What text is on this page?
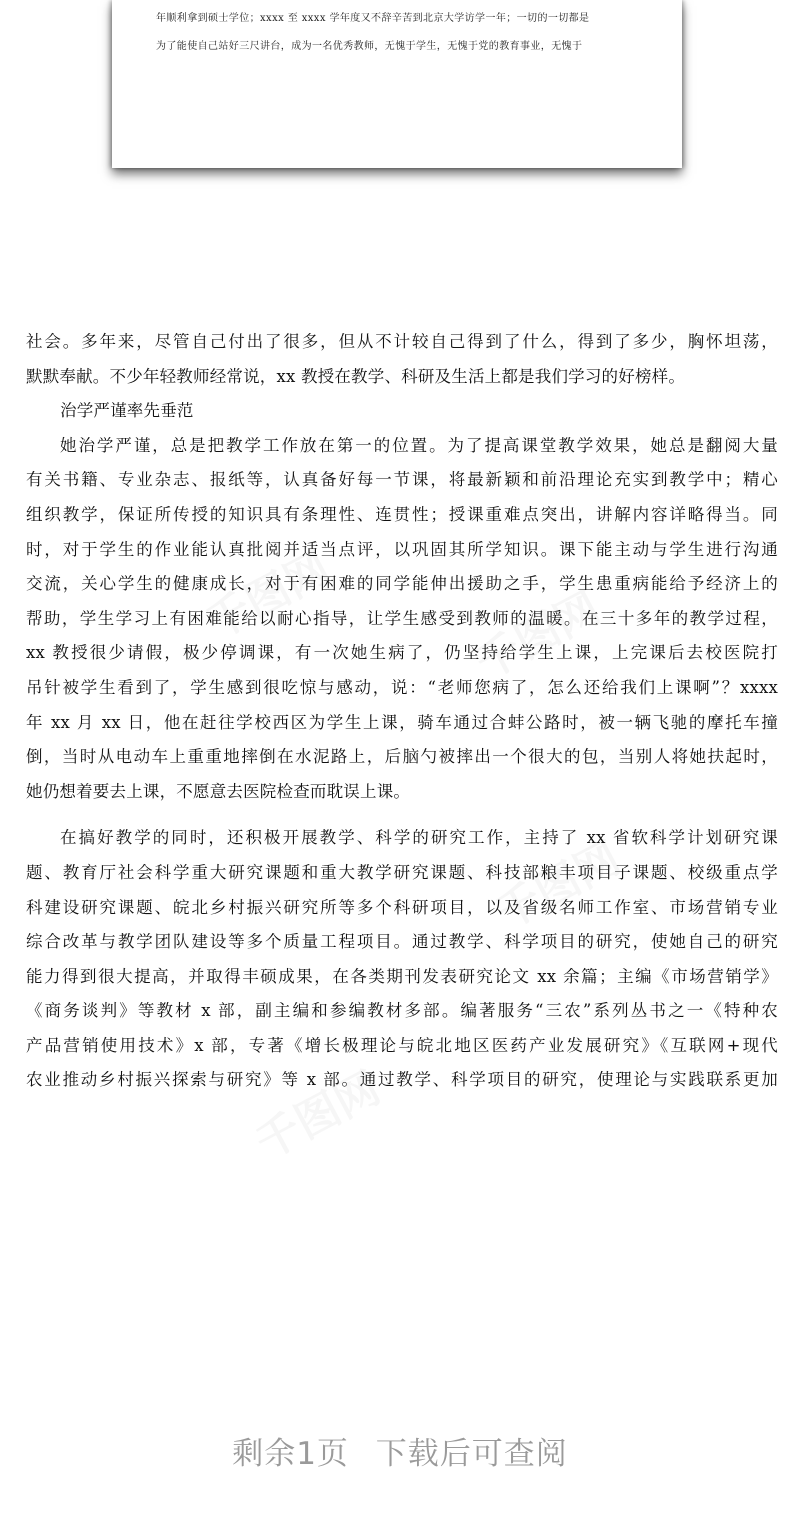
年顺利拿到硕士学位；xxxx 至 xxxx 学年度又不辞辛苦到北京大学访学一年；一切的一切都是
为了能使自己站好三尺讲台，成为一名优秀教师，无愧于学生，无愧于党的教育事业，无愧于
千图网	千图网
千图网
千图网

社会。多年来，尽管自己付出了很多，但从不计较自己得到了什么，得到了多少，胸怀坦荡，

默默奉献。不少年轻教师经常说，xx 教授在教学、科研及生活上都是我们学习的好榜样。

治学严谨率先垂范

她治学严谨，总是把教学工作放在第一的位置。为了提高课堂教学效果，她总是翻阅大量

有关书籍、专业杂志、报纸等，认真备好每一节课，将最新颖和前沿理论充实到教学中；精心

组织教学，保证所传授的知识具有条理性、连贯性；授课重难点突出，讲解内容详略得当。同

时，对于学生的作业能认真批阅并适当点评，以巩固其所学知识。课下能主动与学生进行沟通

交流，关心学生的健康成长，对于有困难的同学能伸出援助之手，学生患重病能给予经济上的

帮助，学生学习上有困难能给以耐心指导，让学生感受到教师的温暖。在三十多年的教学过程，

xx 教授很少请假，极少停调课，有一次她生病了，仍坚持给学生上课，上完课后去校医院打

吊针被学生看到了，学生感到很吃惊与感动，说：“老师您病了，怎么还给我们上课啊”？xxxx

年 xx 月 xx 日，他在赶往学校西区为学生上课，骑车通过合蚌公路时，被一辆飞驰的摩托车撞

倒，当时从电动车上重重地摔倒在水泥路上，后脑勺被摔出一个很大的包，当别人将她扶起时，

她仍想着要去上课，不愿意去医院检查而耽误上课。

在搞好教学的同时，还积极开展教学、科学的研究工作，主持了 xx 省软科学计划研究课

题、教育厅社会科学重大研究课题和重大教学研究课题、科技部粮丰项目子课题、校级重点学

科建设研究课题、皖北乡村振兴研究所等多个科研项目，以及省级名师工作室、市场营销专业

综合改革与教学团队建设等多个质量工程项目。通过教学、科学项目的研究，使她自己的研究

能力得到很大提高，并取得丰硕成果，在各类期刊发表研究论文 xx 余篇；主编《市场营销学》

《商务谈判》等教材 x 部，副主编和参编教材多部。编著服务“三农”系列丛书之一《特种农

产品营销使用技术》x 部，专著《增长极理论与皖北地区医药产业发展研究》《互联网+现代

农业推动乡村振兴探索与研究》等 x 部。通过教学、科学项目的研究，使理论与实践联系更加

剩余1页 下载后可查阅
